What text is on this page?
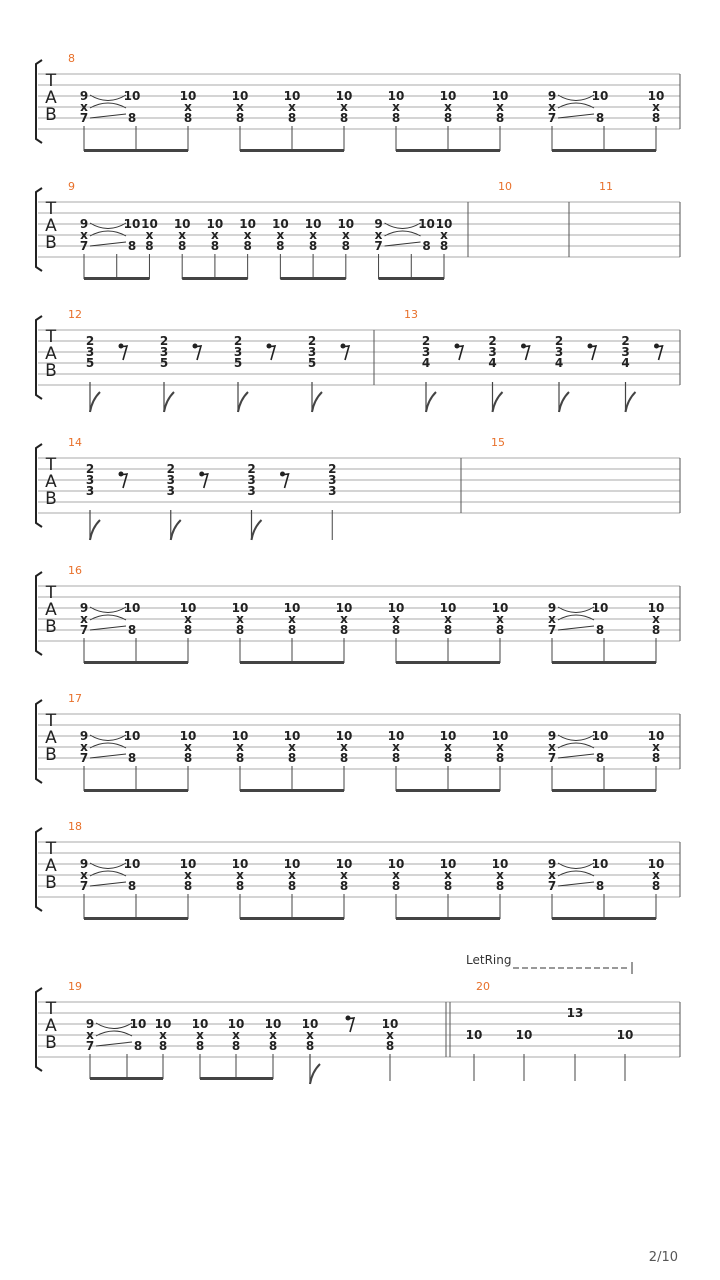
T
A
B
8
9
x
7
10
8
10
x
8
10
x
8
10
x
8
10
x
8
10
x
8
10
x
8
10
x
8
9
x
7
10
8
10
x
8
T
A
B
9
9
x
7
10
8
10
x
8
10
x
8
10
x
8
10
x
8
10
x
8
10
x
8
10
x
8
9
x
7
10
8
10
x
8
10	11
T
A
B
12
2
3
5
2
3
5
2
3
5
2
3
5
13
2
3
4
2
3
4
2
3
4
2
3
4
T
A
B
14
2
3
3
2
3
3
2
3
3
2
3
3
15
T
A
B
16
9
x
7
10
8
10
x
8
10
x
8
10
x
8
10
x
8
10
x
8
10
x
8
10
x
8
9
x
7
10
8
10
x
8
T
A
B
17
9
x
7
10
8
10
x
8
10
x
8
10
x
8
10
x
8
10
x
8
10
x
8
10
x
8
9
x
7
10
8
10
x
8
T
A
B
18
9
x
7
10
8
10
x
8
10
x
8
10
x
8
10
x
8
10
x
8
10
x
8
10
x
8
9
x
7
10
8
10
x
8
T
A
B
19
9
x
7
10
8
10
x
8
10
x
8
10
x
8
10
x
8
10
x
8
10
x
8
20
10	10
13
10
LetRing
2/10
